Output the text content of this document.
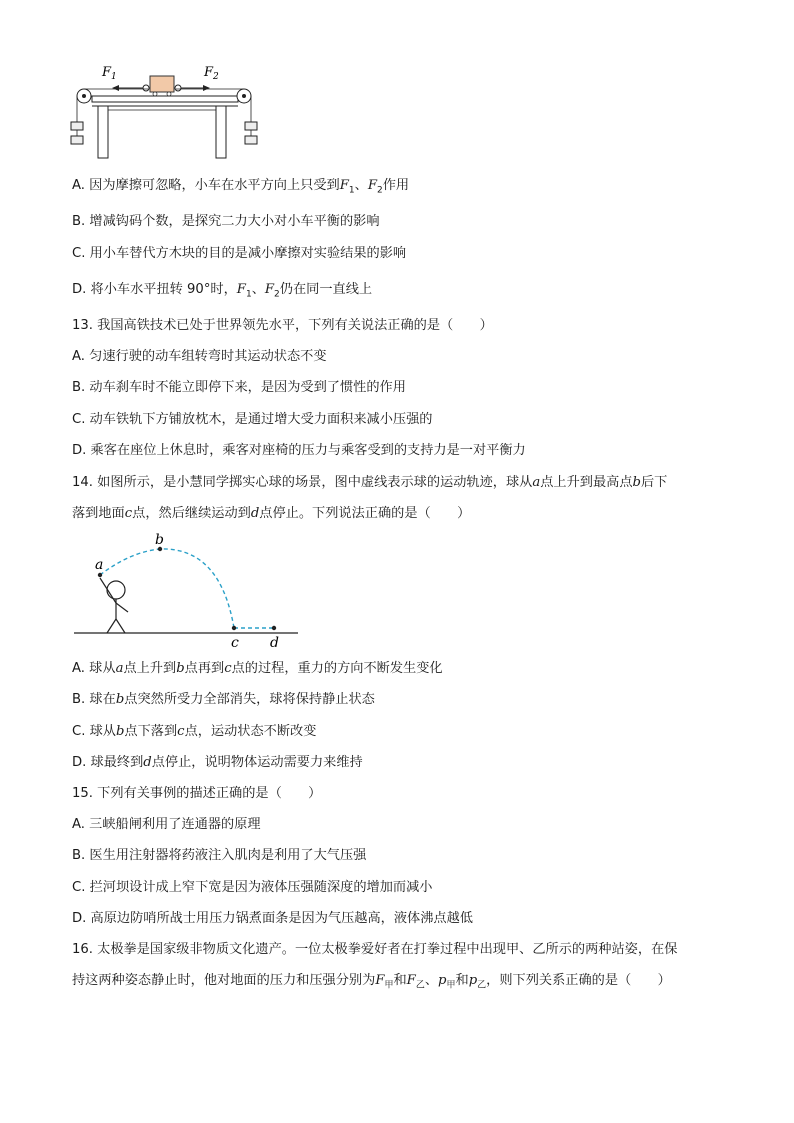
$F_1$	$F_2$
A. 因为摩擦可忽略，小车在水平方向上只受到$F_1$、$F_2$作用
B. 增减钩码个数，是探究二力大小对小车平衡的影响
C. 用小车替代方木块的目的是减小摩擦对实验结果的影响
D. 将小车水平扭转 90°时，$F_1$、$F_2$仍在同一直线上
13. 我国高铁技术已处于世界领先水平，下列有关说法正确的是（　　）
A. 匀速行驶的动车组转弯时其运动状态不变
B. 动车刹车时不能立即停下来，是因为受到了惯性的作用
C. 动车铁轨下方铺放枕木，是通过增大受力面积来减小压强的
D. 乘客在座位上休息时，乘客对座椅的压力与乘客受到的支持力是一对平衡力
14. 如图所示，是小慧同学掷实心球的场景，图中虚线表示球的运动轨迹，球从a点上升到最高点b后下
落到地面c点，然后继续运动到d点停止。下列说法正确的是（　　）
a
b
c d
A. 球从a点上升到b点再到c点的过程，重力的方向不断发生变化
B. 球在b点突然所受力全部消失，球将保持静止状态
C. 球从b点下落到c点，运动状态不断改变
D. 球最终到d点停止，说明物体运动需要力来维持
15. 下列有关事例的描述正确的是（　　）
A. 三峡船闸利用了连通器的原理
B. 医生用注射器将药液注入肌肉是利用了大气压强
C. 拦河坝设计成上窄下宽是因为液体压强随深度的增加而减小
D. 高原边防哨所战士用压力锅煮面条是因为气压越高，液体沸点越低
16. 太极拳是国家级非物质文化遗产。一位太极拳爱好者在打拳过程中出现甲、乙所示的两种站姿，在保
持这两种姿态静止时，他对地面的压力和压强分别为$F_甲$和$F_乙$、$p_甲$和$p_乙$，则下列关系正确的是（　　）
